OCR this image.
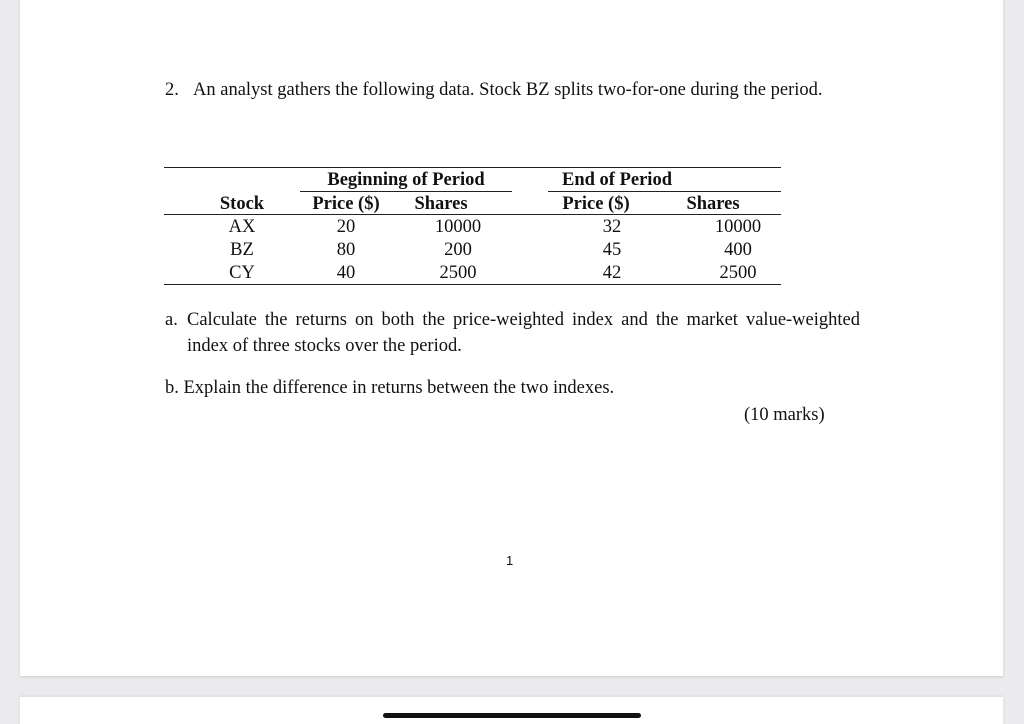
2. An analyst gathers the following data. Stock BZ splits two-for-one during the period.
Beginning of Period	End of Period
Stock	Price ($)	Shares	Price ($)	Shares
AX	20	10000	32	10000
BZ	80	200	45	400
CY	40	2500	42	2500
a. Calculate the returns on both the price-weighted index and the market value-weighted index of three stocks over the period.
b. Explain the difference in returns between the two indexes.
(10 marks)
1
